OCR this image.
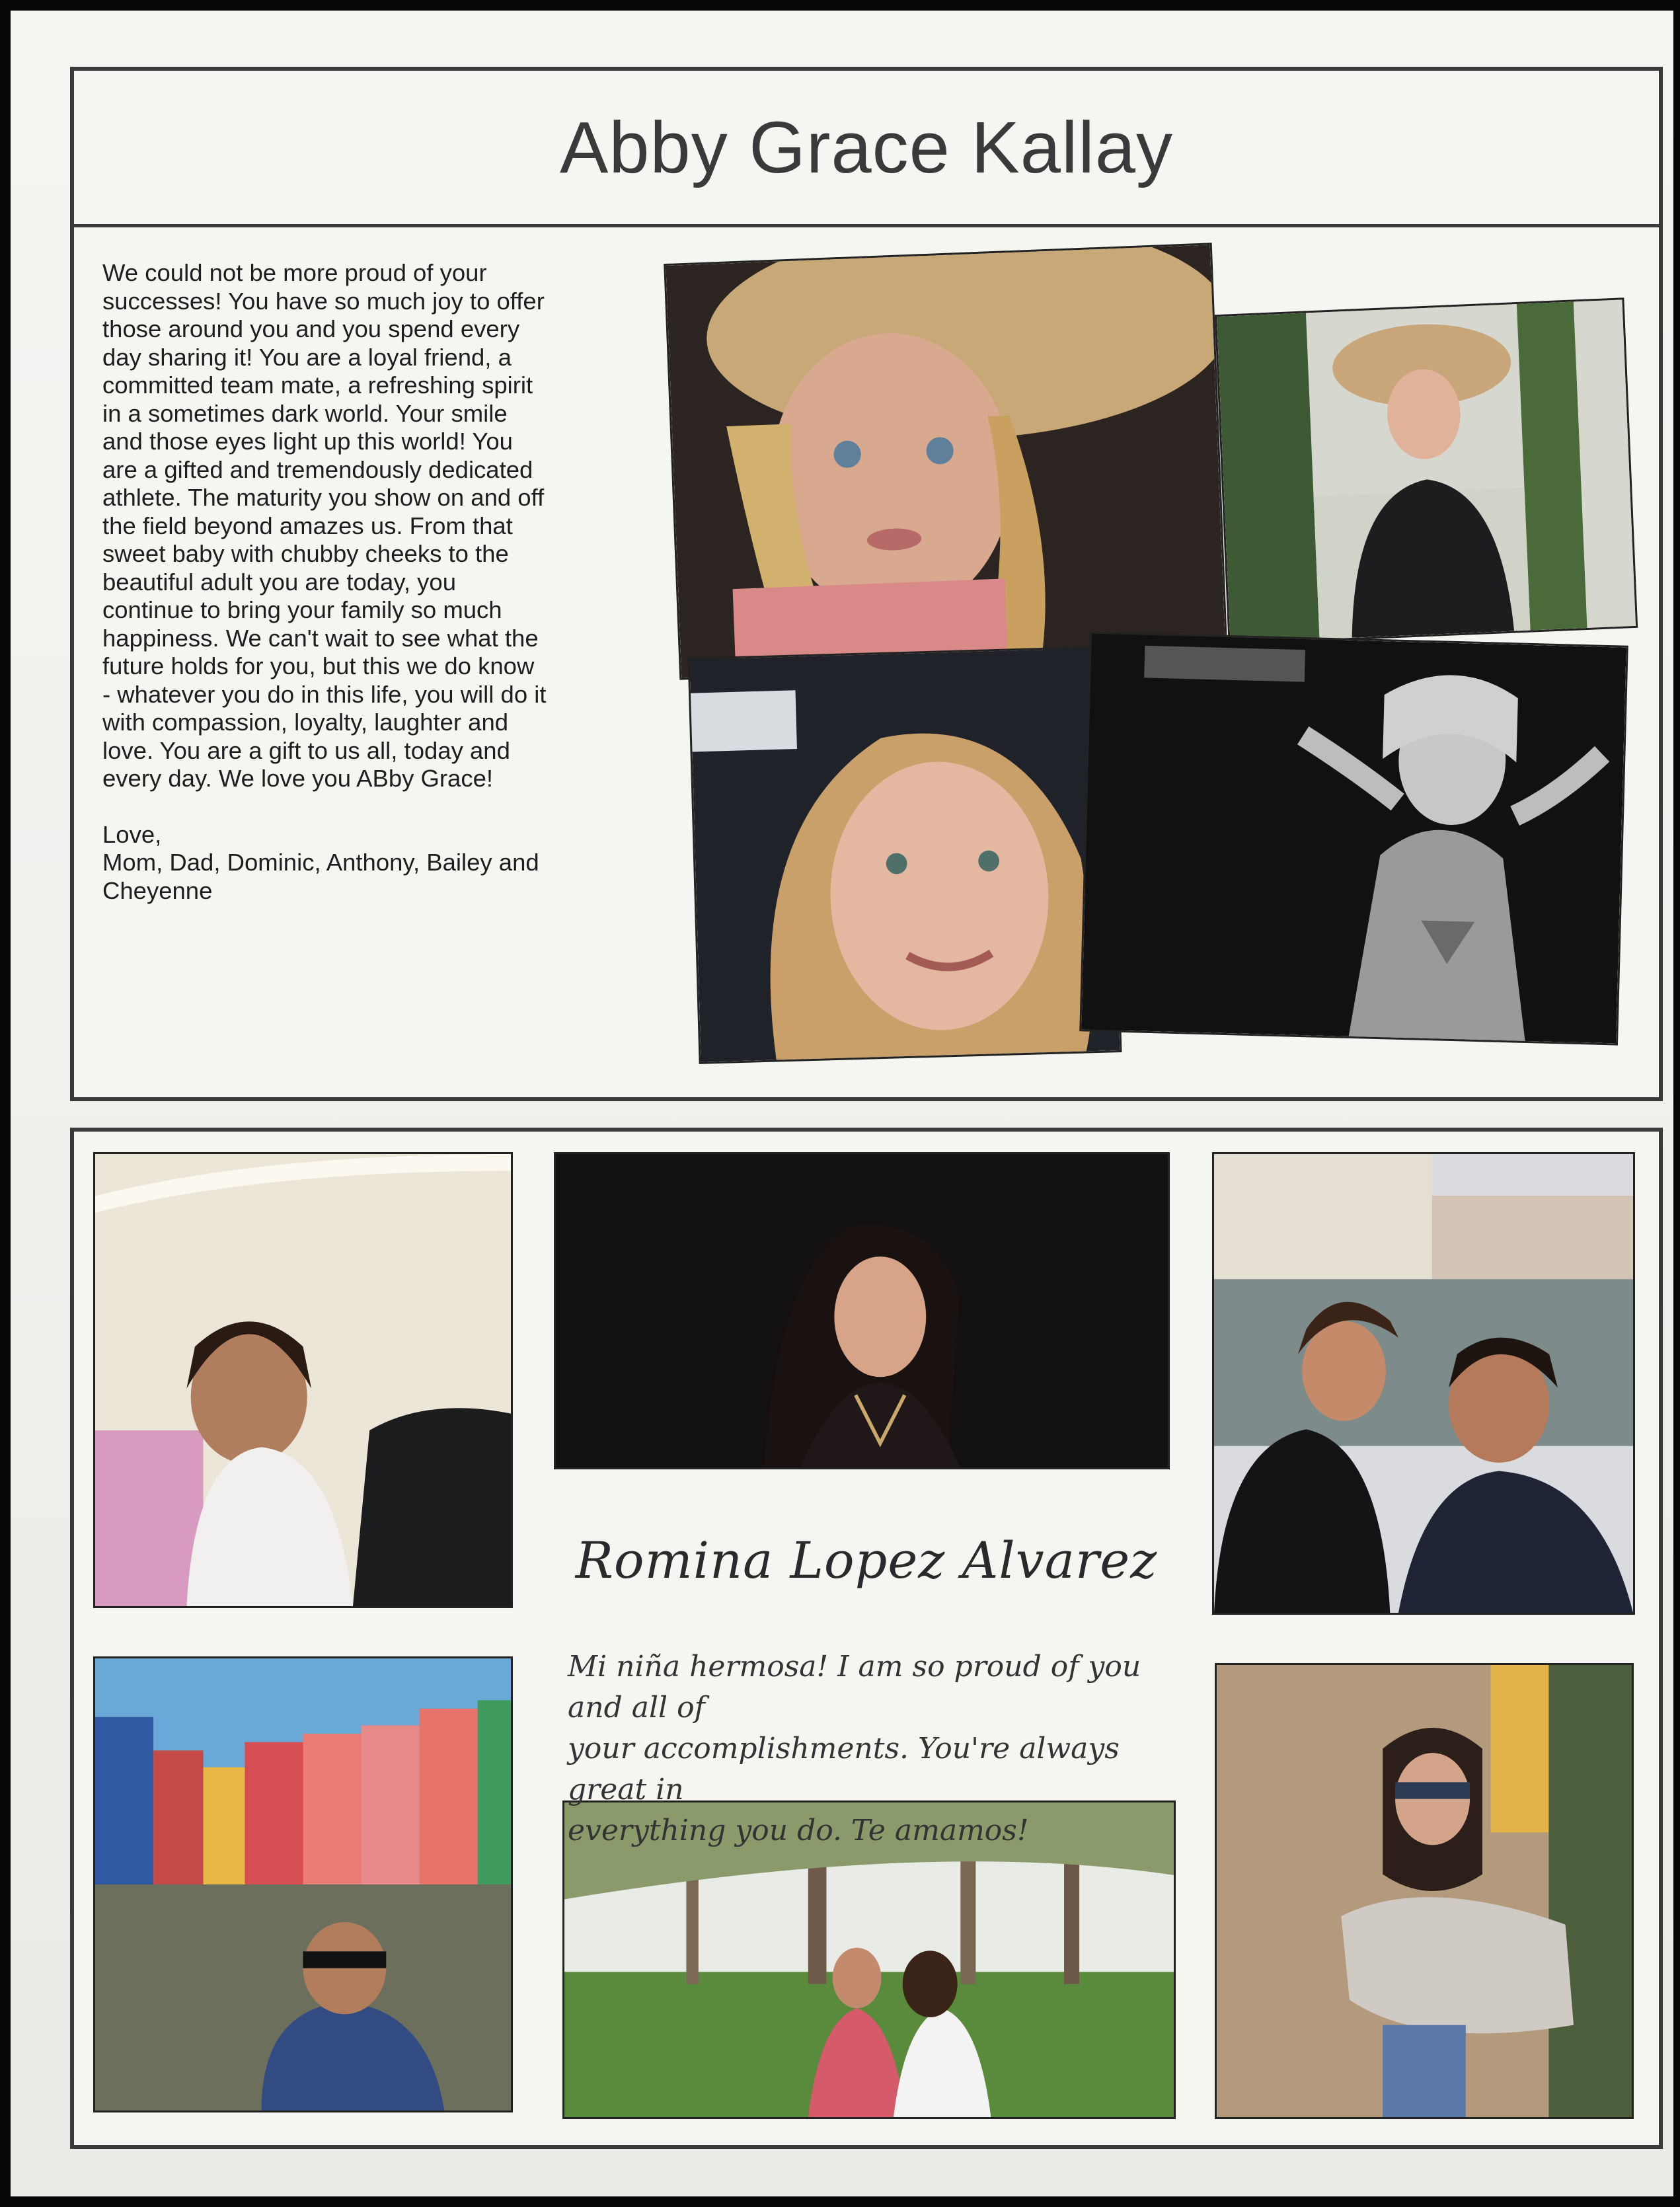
Abby Grace Kallay

We could not be more proud of your

successes! You have so much joy to offer

those around you and you spend every

day sharing it! You are a loyal friend, a

committed team mate, a refreshing spirit

in a sometimes dark world. Your smile

and those eyes light up this world! You

are a gifted and tremendously dedicated

athlete. The maturity you show on and off

the field beyond amazes us. From that

sweet baby with chubby cheeks to the

beautiful adult you are today, you

continue to bring your family so much

happiness. We can't wait to see what the

future holds for you, but this we do know

- whatever you do in this life, you will do it

with compassion, loyalty, laughter and

love. You are a gift to us all, today and

every day. We love you ABby Grace!

Love,

Mom, Dad, Dominic, Anthony, Bailey and

Cheyenne

Romina Lopez Alvarez
Mi niña hermosa! I am so proud of you and all of
your accomplishments. You're always great in
everything you do. Te amamos!
